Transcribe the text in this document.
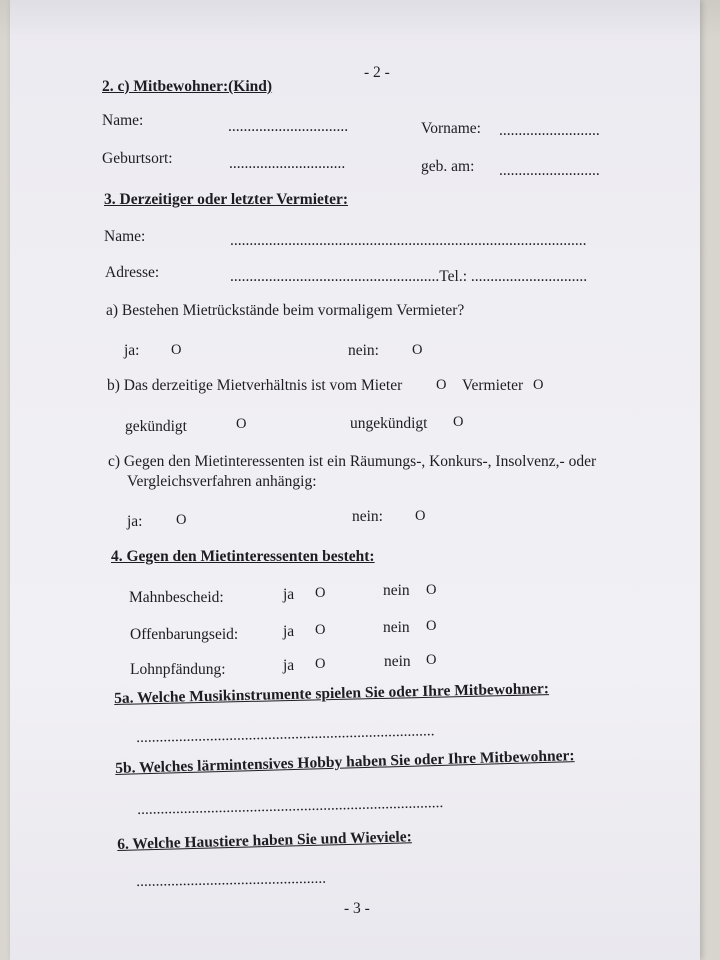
- 2 -
2. c) Mitbewohner:(Kind)
Name:	...............................	Vorname: ..........................
Geburtsort:	..............................	geb. am: ..........................
3. Derzeitiger oder letzter Vermieter:
Name:	............................................................................................
Adresse:	......................................................Tel.: ..............................
a) Bestehen Mietrückstände beim vormaligem Vermieter?
ja: O	nein: O
b) Das derzeitige Mietverhältnis ist vom Mieter O Vermieter O
gekündigt	O	ungekündigt O
c) Gegen den Mietinteressenten ist ein Räumungs-, Konkurs-, Insolvenz,- oder
Vergleichsverfahren anhängig:
ja: O	nein: O
4. Gegen den Mietinteressenten besteht:
Mahnbescheid:	ja O	nein O
Offenbarungseid:	ja O	nein O
Lohnpfändung:	ja O	nein O
5a. Welche Musikinstrumente spielen Sie oder Ihre Mitbewohner:
.............................................................................
5b. Welches lärmintensives Hobby haben Sie oder Ihre Mitbewohner:
...............................................................................
6. Welche Haustiere haben Sie und Wieviele:
.................................................
- 3 -
